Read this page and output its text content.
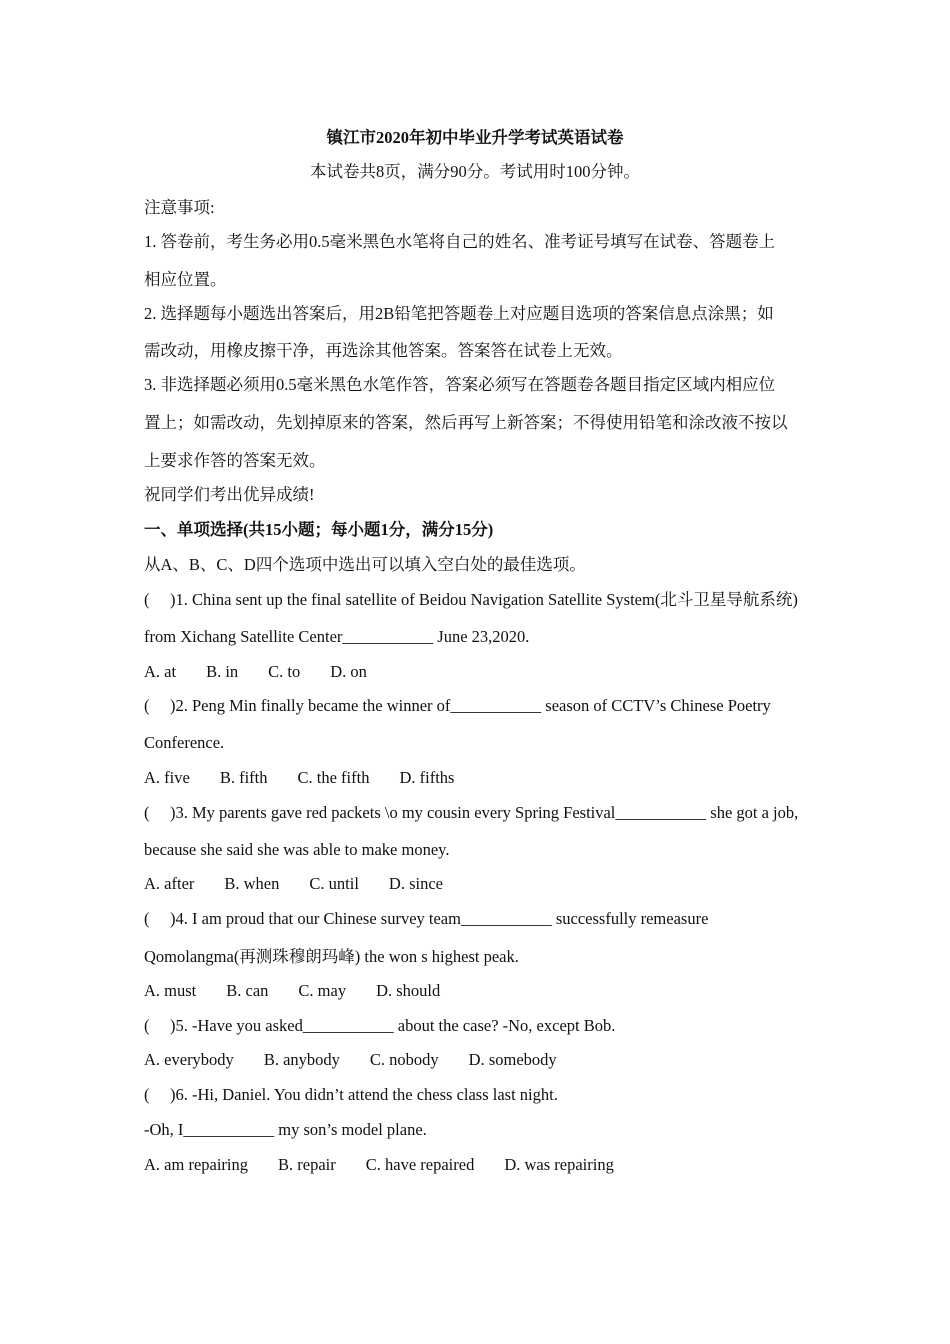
镇江市2020年初中毕业升学考试英语试卷
本试卷共8页，满分90分。考试用时100分钟。
注意事项:
1. 答卷前，考生务必用0.5毫米黑色水笔将自己的姓名、准考证号填写在试卷、答题卷上
相应位置。
2. 选择题每小题选出答案后，用2B铅笔把答题卷上对应题目选项的答案信息点涂黑；如
需改动，用橡皮擦干净，再选涂其他答案。答案答在试卷上无效。
3. 非选择题必须用0.5毫米黑色水笔作答，答案必须写在答题卷各题目指定区域内相应位
置上；如需改动，先划掉原来的答案，然后再写上新答案；不得使用铅笔和涂改液不按以
上要求作答的答案无效。
祝同学们考出优异成绩!
一、单项选择(共15小题；每小题1分，满分15分)
从A、B、C、D四个选项中选出可以填入空白处的最佳选项。
( )1. China sent up the final satellite of Beidou Navigation Satellite System(北斗卫星导航系统)
from Xichang Satellite Center___________ June 23,2020.
A. at B. in C. to D. on
( )2. Peng Min finally became the winner of___________ season of CCTV’s Chinese Poetry
Conference.
A. five B. fifth C. the fifth D. fifths
( )3. My parents gave red packets \o my cousin every Spring Festival___________ she got a job,
because she said she was able to make money.
A. after B. when C. until D. since
( )4. I am proud that our Chinese survey team___________ successfully remeasure
Qomolangma(再测珠穆朗玛峰) the won s highest peak.
A. must B. can C. may D. should
( )5. -Have you asked___________ about the case? -No, except Bob.
A. everybody B. anybody C. nobody D. somebody
( )6. -Hi, Daniel. You didn’t attend the chess class last night.
-Oh, I___________ my son’s model plane.
A. am repairing B. repair C. have repaired D. was repairing
